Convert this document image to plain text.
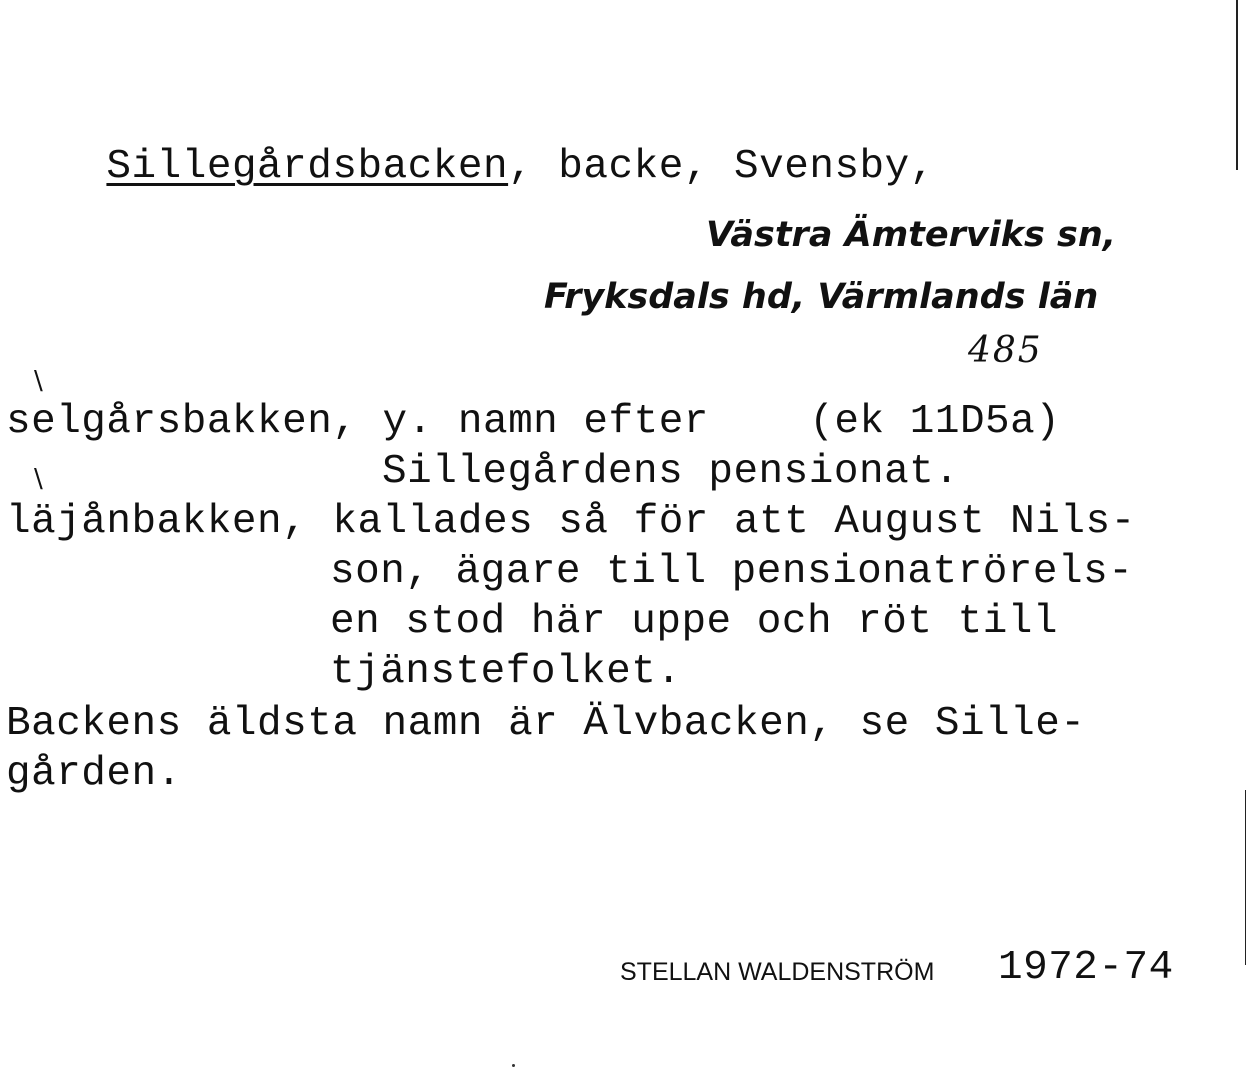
Sillegårdsbacken, backe, Svensby,

Västra Ämterviks sn,
Fryksdals hd, Värmlands län
485
\
selgårsbakken, y. namn efter    (ek 11D5a)
\	Sillegårdens pensionat.
läjånbakken, kallades så för att August Nils-
son, ägare till pensionatrörels-
en stod här uppe och röt till
tjänstefolket.
Backens äldsta namn är Älvbacken, se Sille-
gården.
STELLAN WALDENSTRÖM 1972-74
